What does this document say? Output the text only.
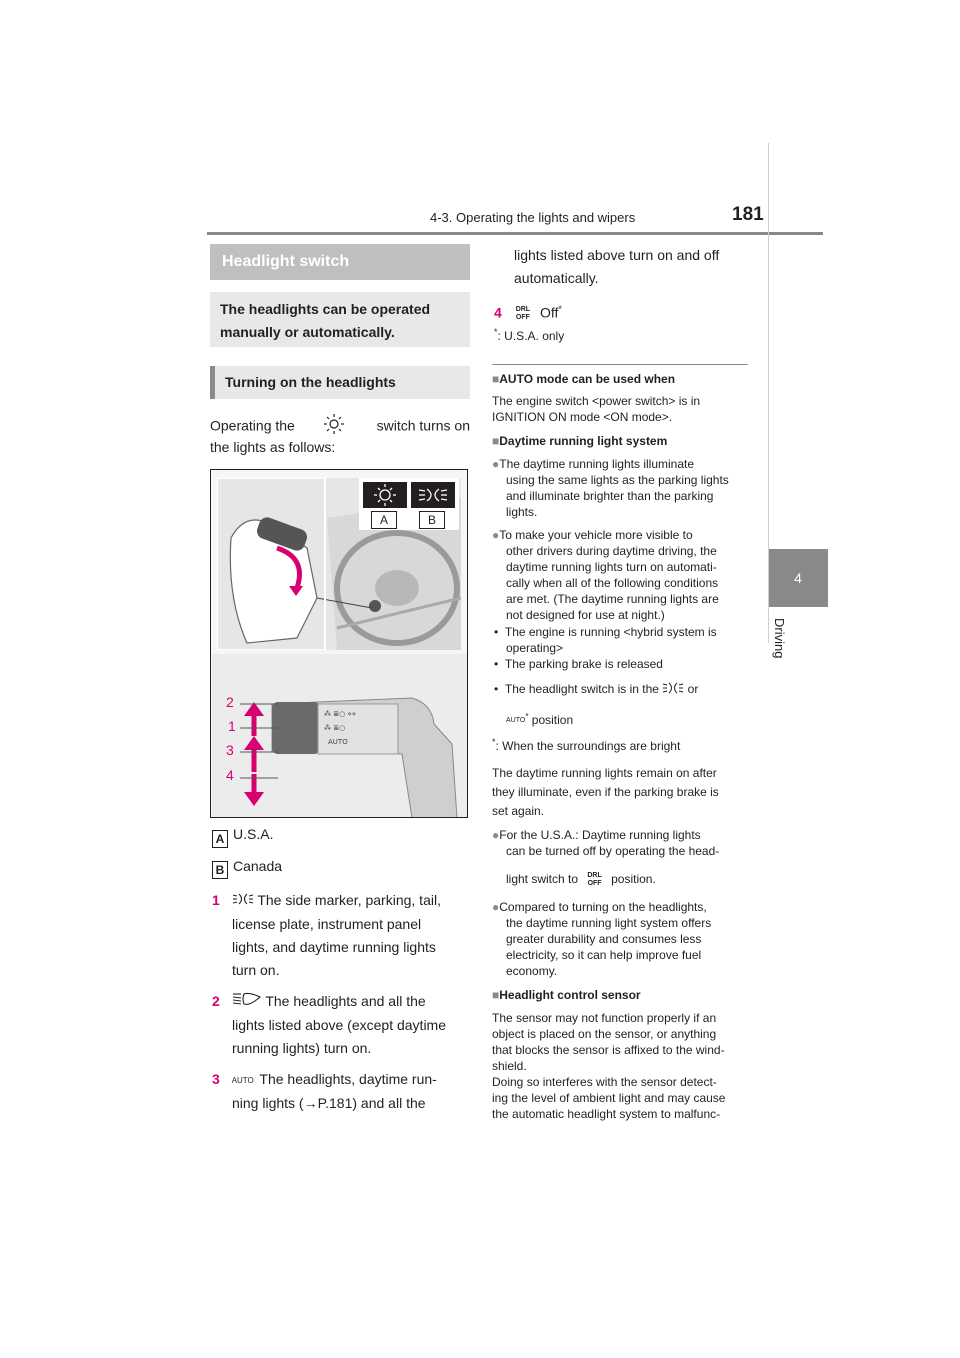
4-3. Operating the lights and wipers	181
4
Driving
Headlight switch
The headlights can be operated
manually or automatically.
Turning on the headlights
Operating the	switch turns on
the lights as follows:
A	B
⁂ ≣○ ⋄⋄
⁂ ≣○
AUTO
2
1
3
4
A U.S.A.
B Canada
1	The side marker, parking, tail,
license plate, instrument panel
lights, and daytime running lights
turn on.
2	The headlights and all the
lights listed above (except daytime
running lights) turn on.
3 AUTO The headlights, daytime run-
ning lights (→P.181) and all the
lights listed above turn on and off
automatically.
4 DRL
OFF Off*
*: U.S.A. only
■AUTO mode can be used when
The engine switch <power switch> is in
IGNITION ON mode <ON mode>.
■Daytime running light system
●The daytime running lights illuminate
using the same lights as the parking lights
and illuminate brighter than the parking
lights.
●To make your vehicle more visible to
other drivers during daytime driving, the
daytime running lights turn on automati-
cally when all of the following conditions
are met. (The daytime running lights are
not designed for use at night.)
•  The engine is running <hybrid system is
operating>
•  The parking brake is released
•  The headlight switch is in the or
AUTO* position
*: When the surroundings are bright
The daytime running lights remain on after
they illuminate, even if the parking brake is
set again.
●For the U.S.A.: Daytime running lights
can be turned off by operating the head-
light switch to DRL
OFF position.
●Compared to turning on the headlights,
the daytime running light system offers
greater durability and consumes less
electricity, so it can help improve fuel
economy.
■Headlight control sensor
The sensor may not function properly if an
object is placed on the sensor, or anything
that blocks the sensor is affixed to the wind-
shield.
Doing so interferes with the sensor detect-
ing the level of ambient light and may cause
the automatic headlight system to malfunc-
